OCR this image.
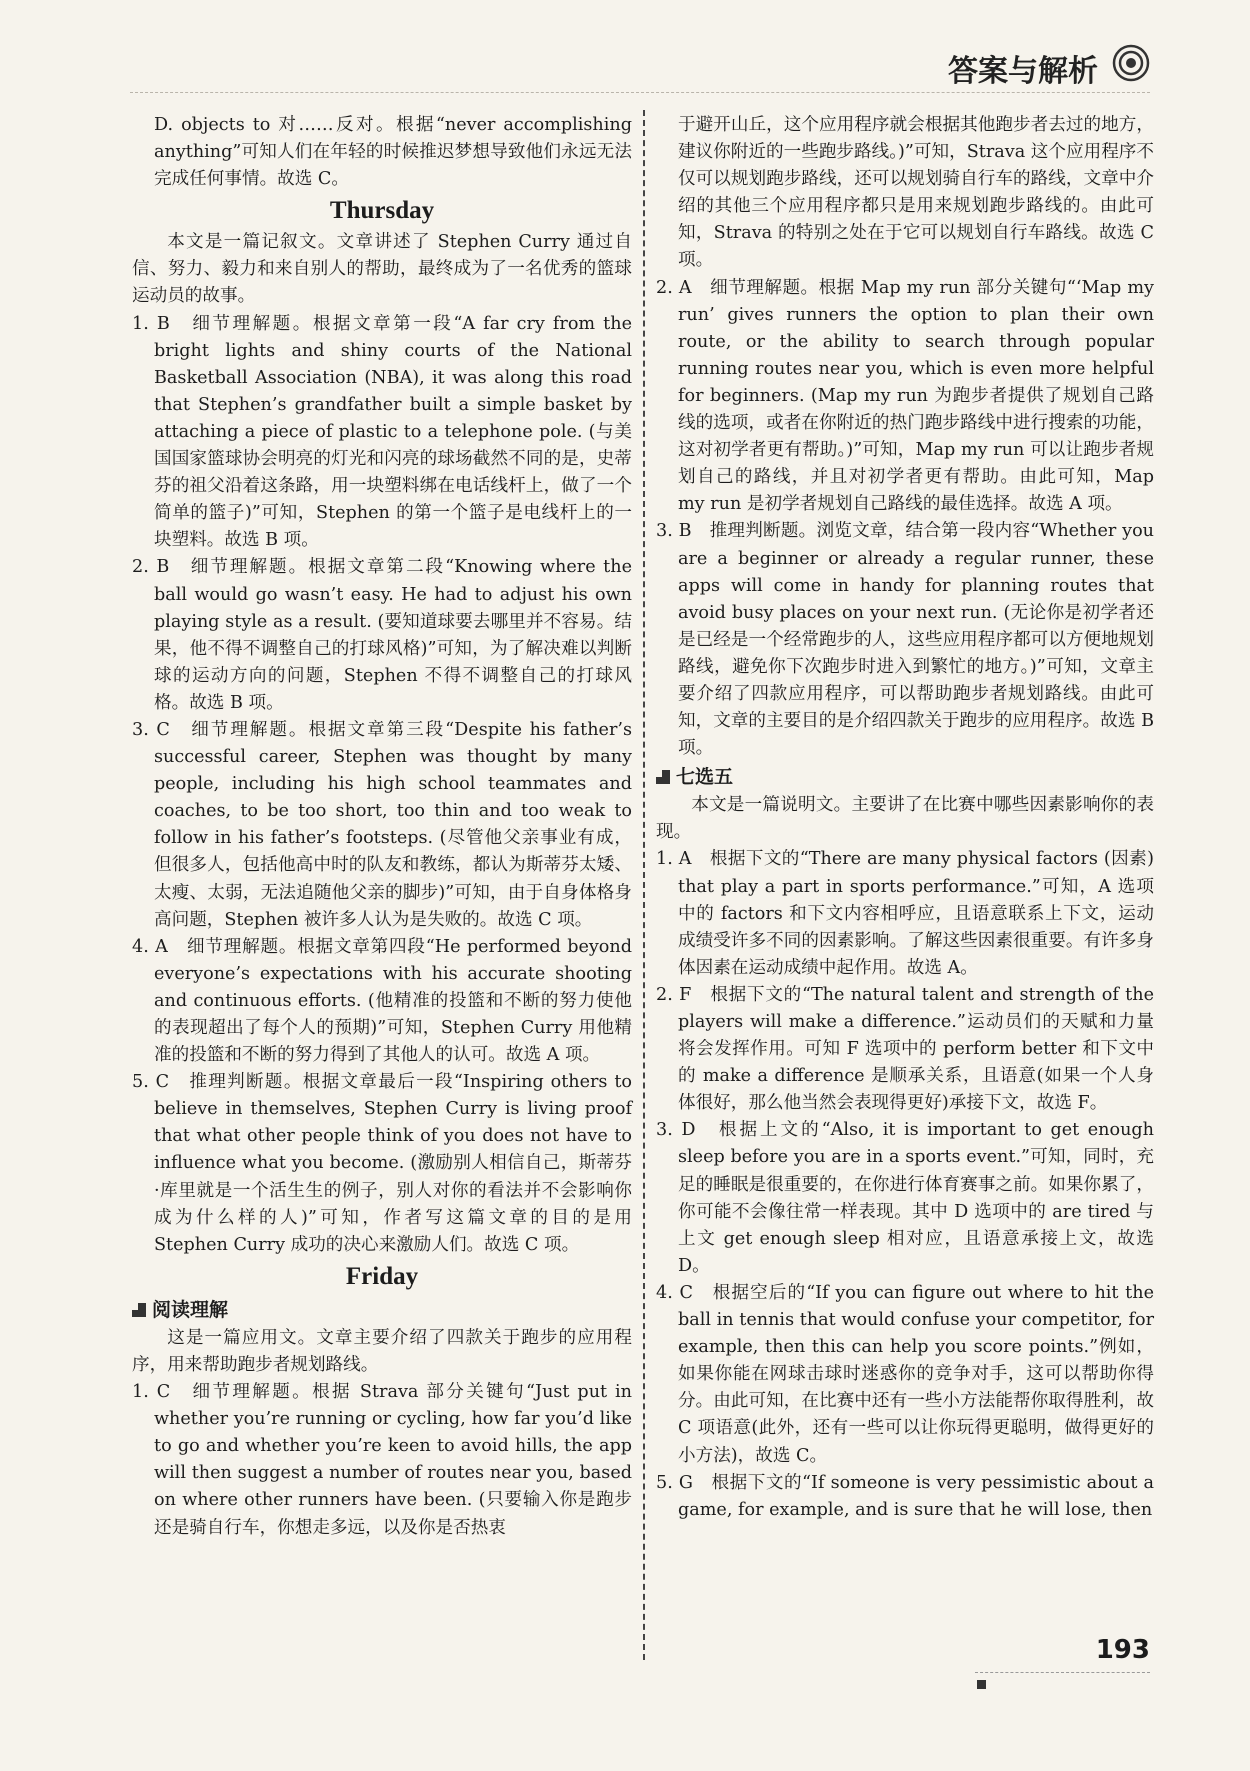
答案与解析

D. objects to 对……反对。根据“never accomplishing anything”可知人们在年轻的时候推迟梦想导致他们永远无法完成任何事情。故选 C。

Thursday

本文是一篇记叙文。文章讲述了 Stephen Curry 通过自信、努力、毅力和来自别人的帮助，最终成为了一名优秀的篮球运动员的故事。

1. B　细节理解题。根据文章第一段“A far cry from the bright lights and shiny courts of the National Basketball Association (NBA), it was along this road that Stephen’s grandfather built a simple basket by attaching a piece of plastic to a telephone pole. (与美国国家篮球协会明亮的灯光和闪亮的球场截然不同的是，史蒂芬的祖父沿着这条路，用一块塑料绑在电话线杆上，做了一个简单的篮子)”可知，Stephen 的第一个篮子是电线杆上的一块塑料。故选 B 项。

2. B　细节理解题。根据文章第二段“Knowing where the ball would go wasn’t easy. He had to adjust his own playing style as a result. (要知道球要去哪里并不容易。结果，他不得不调整自己的打球风格)”可知，为了解决难以判断球的运动方向的问题，Stephen 不得不调整自己的打球风格。故选 B 项。

3. C　细节理解题。根据文章第三段“Despite his father’s successful career, Stephen was thought by many people, including his high school teammates and coaches, to be too short, too thin and too weak to follow in his father’s footsteps. (尽管他父亲事业有成，但很多人，包括他高中时的队友和教练，都认为斯蒂芬太矮、太瘦、太弱，无法追随他父亲的脚步)”可知，由于自身体格身高问题，Stephen 被许多人认为是失败的。故选 C 项。

4. A　细节理解题。根据文章第四段“He performed beyond everyone’s expectations with his accurate shooting and continuous efforts. (他精准的投篮和不断的努力使他的表现超出了每个人的预期)”可知，Stephen Curry 用他精准的投篮和不断的努力得到了其他人的认可。故选 A 项。

5. C　推理判断题。根据文章最后一段“Inspiring others to believe in themselves, Stephen Curry is living proof that what other people think of you does not have to influence what you become. (激励别人相信自己，斯蒂芬·库里就是一个活生生的例子，别人对你的看法并不会影响你成为什么样的人)”可知，作者写这篇文章的目的是用 Stephen Curry 成功的决心来激励人们。故选 C 项。

Friday
阅读理解

这是一篇应用文。文章主要介绍了四款关于跑步的应用程序，用来帮助跑步者规划路线。

1. C　细节理解题。根据 Strava 部分关键句“Just put in whether you’re running or cycling, how far you’d like to go and whether you’re keen to avoid hills, the app will then suggest a number of routes near you, based on where other runners have been. (只要输入你是跑步还是骑自行车，你想走多远，以及你是否热衷

于避开山丘，这个应用程序就会根据其他跑步者去过的地方，建议你附近的一些跑步路线。)”可知，Strava 这个应用程序不仅可以规划跑步路线，还可以规划骑自行车的路线，文章中介绍的其他三个应用程序都只是用来规划跑步路线的。由此可知，Strava 的特别之处在于它可以规划自行车路线。故选 C 项。

2. A　细节理解题。根据 Map my run 部分关键句“‘Map my run’ gives runners the option to plan their own route, or the ability to search through popular running routes near you, which is even more helpful for beginners. (Map my run 为跑步者提供了规划自己路线的选项，或者在你附近的热门跑步路线中进行搜索的功能，这对初学者更有帮助。)”可知，Map my run 可以让跑步者规划自己的路线，并且对初学者更有帮助。由此可知，Map my run 是初学者规划自己路线的最佳选择。故选 A 项。

3. B　推理判断题。浏览文章，结合第一段内容“Whether you are a beginner or already a regular runner, these apps will come in handy for planning routes that avoid busy places on your next run. (无论你是初学者还是已经是一个经常跑步的人，这些应用程序都可以方便地规划路线，避免你下次跑步时进入到繁忙的地方。)”可知，文章主要介绍了四款应用程序，可以帮助跑步者规划路线。由此可知，文章的主要目的是介绍四款关于跑步的应用程序。故选 B 项。

七选五

本文是一篇说明文。主要讲了在比赛中哪些因素影响你的表现。

1. A　根据下文的“There are many physical factors (因素) that play a part in sports performance.”可知，A 选项中的 factors 和下文内容相呼应，且语意联系上下文，运动成绩受许多不同的因素影响。了解这些因素很重要。有许多身体因素在运动成绩中起作用。故选 A。

2. F　根据下文的“The natural talent and strength of the players will make a difference.”运动员们的天赋和力量将会发挥作用。可知 F 选项中的 perform better 和下文中的 make a difference 是顺承关系，且语意(如果一个人身体很好，那么他当然会表现得更好)承接下文，故选 F。

3. D　根据上文的“Also, it is important to get enough sleep before you are in a sports event.”可知，同时，充足的睡眠是很重要的，在你进行体育赛事之前。如果你累了，你可能不会像往常一样表现。其中 D 选项中的 are tired 与上文 get enough sleep 相对应，且语意承接上文，故选 D。

4. C　根据空后的“If you can figure out where to hit the ball in tennis that would confuse your competitor, for example, then this can help you score points.”例如，如果你能在网球击球时迷惑你的竞争对手，这可以帮助你得分。由此可知，在比赛中还有一些小方法能帮你取得胜利，故 C 项语意(此外，还有一些可以让你玩得更聪明，做得更好的小方法)，故选 C。

5. G　根据下文的“If someone is very pessimistic about a game, for example, and is sure that he will lose, then

193
